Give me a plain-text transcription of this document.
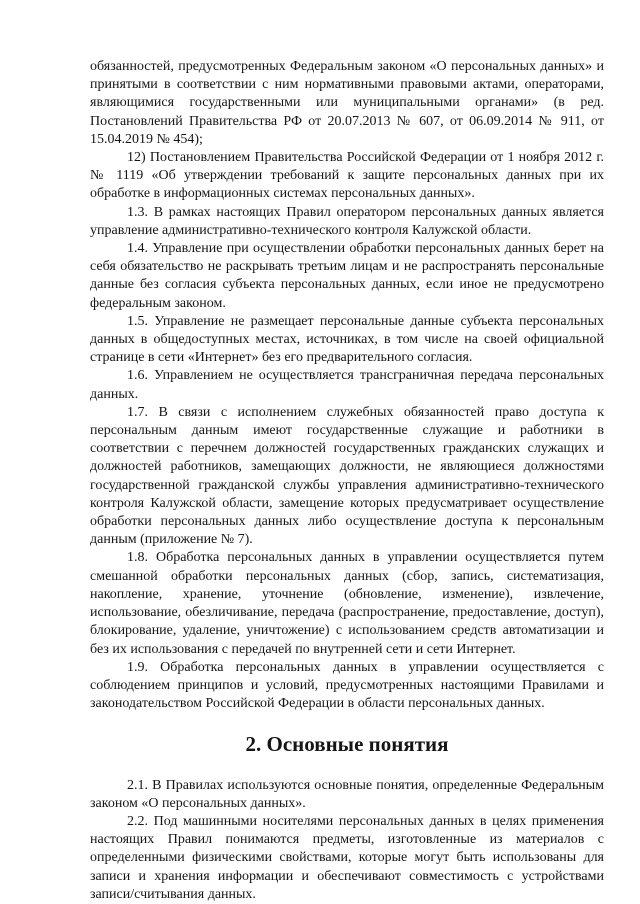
обязанностей, предусмотренных Федеральным законом «О персональных данных» и принятыми в соответствии с ним нормативными правовыми актами, операторами, являющимися государственными или муниципальными органами» (в ред. Постановлений Правительства РФ от 20.07.2013 № 607, от 06.09.2014 № 911, от 15.04.2019 № 454);

12) Постановлением Правительства Российской Федерации от 1 ноября 2012 г. № 1119 «Об утверждении требований к защите персональных данных при их обработке в информационных системах персональных данных».

1.3. В рамках настоящих Правил оператором персональных данных является управление административно-технического контроля Калужской области.

1.4. Управление при осуществлении обработки персональных данных берет на себя обязательство не раскрывать третьим лицам и не распространять персональные данные без согласия субъекта персональных данных, если иное не предусмотрено федеральным законом.

1.5. Управление не размещает персональные данные субъекта персональных данных в общедоступных местах, источниках, в том числе на своей официальной странице в сети «Интернет» без его предварительного согласия.

1.6. Управлением не осуществляется трансграничная передача персональных данных.

1.7. В связи с исполнением служебных обязанностей право доступа к персональным данным имеют государственные служащие и работники в соответствии с перечнем должностей государственных гражданских служащих и должностей работников, замещающих должности, не являющиеся должностями государственной гражданской службы управления административно-технического контроля Калужской области, замещение которых предусматривает осуществление обработки персональных данных либо осуществление доступа к персональным данным (приложение № 7).

1.8. Обработка персональных данных в управлении осуществляется путем смешанной обработки персональных данных (сбор, запись, систематизация, накопление, хранение, уточнение (обновление, изменение), извлечение, использование, обезличивание, передача (распространение, предоставление, доступ), блокирование, удаление, уничтожение) с использованием средств автоматизации и без их использования с передачей по внутренней сети и сети Интернет.

1.9. Обработка персональных данных в управлении осуществляется с соблюдением принципов и условий, предусмотренных настоящими Правилами и законодательством Российской Федерации в области персональных данных.

2. Основные понятия

2.1. В Правилах используются основные понятия, определенные Федеральным законом «О персональных данных».

2.2. Под машинными носителями персональных данных в целях применения настоящих Правил понимаются предметы, изготовленные из материалов с определенными физическими свойствами, которые могут быть использованы для записи и хранения информации и обеспечивают совместимость с устройствами записи/считывания данных.
